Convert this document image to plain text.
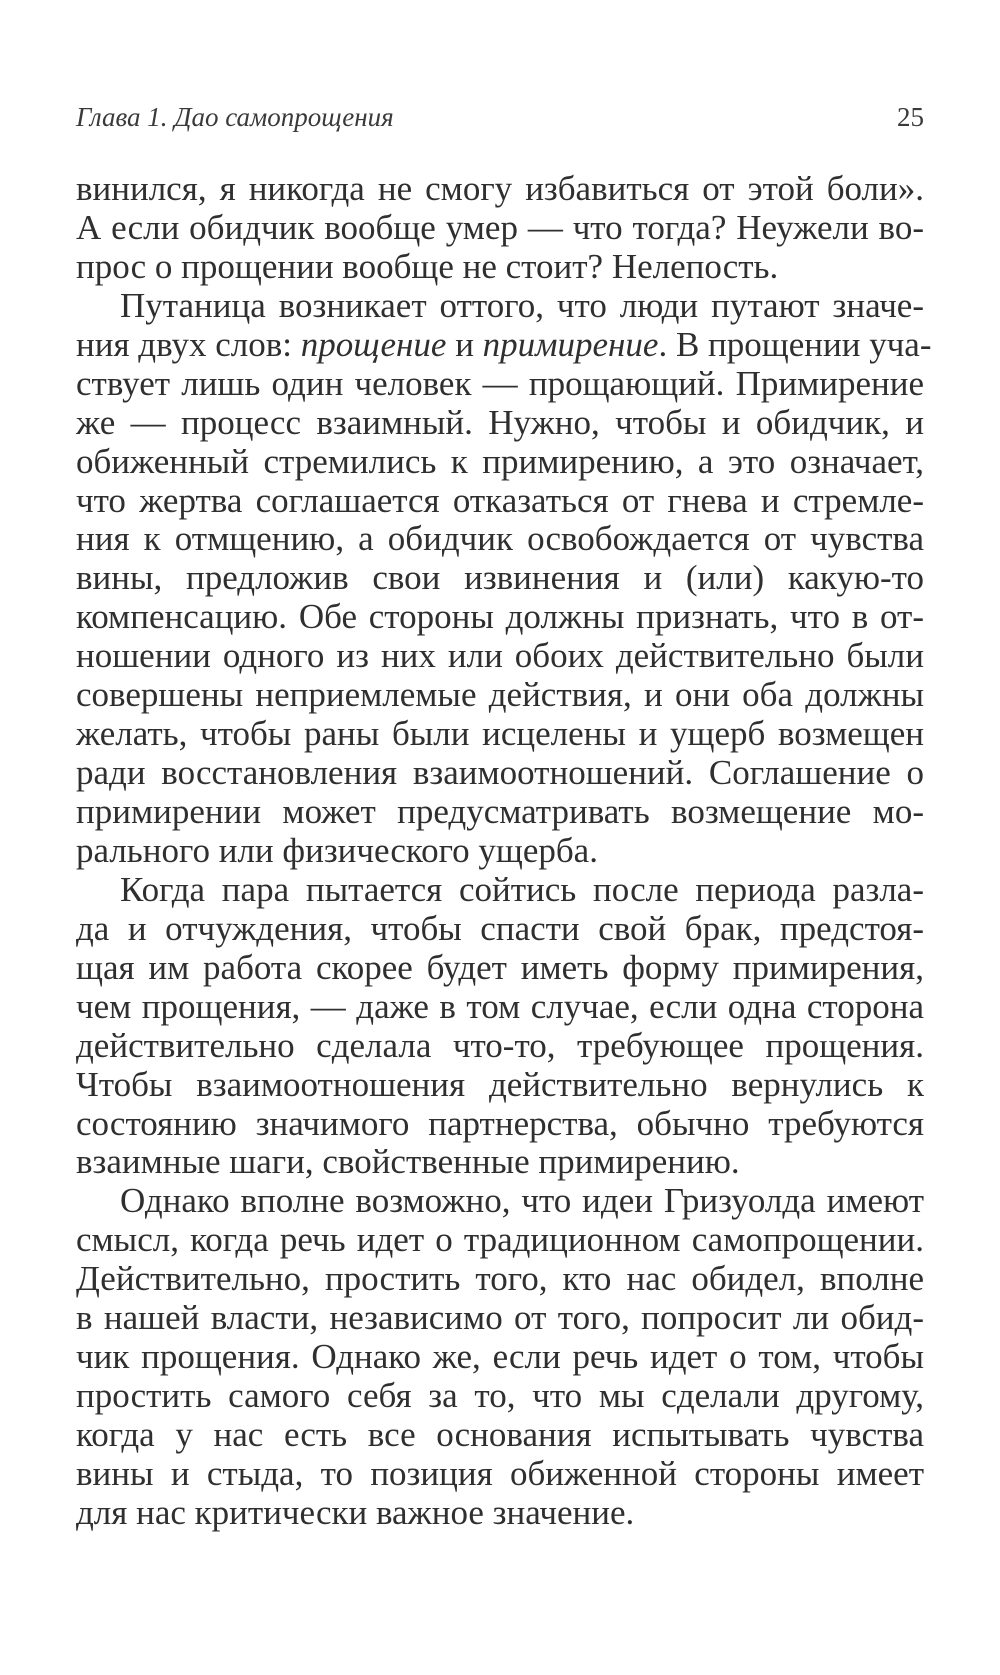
Глава 1. Дао самопрощения	25
винился, я никогда не смогу избавиться от этой боли».
А если обидчик вообще умер — что тогда? Неужели во-
прос о прощении вообще не стоит? Нелепость.
Путаница возникает оттого, что люди путают значе-
ния двух слов: прощение и примирение. В прощении уча-
ствует лишь один человек — прощающий. Примирение
же — процесс взаимный. Нужно, чтобы и обидчик, и
обиженный стремились к примирению, а это означает,
что жертва соглашается отказаться от гнева и стремле-
ния к отмщению, а обидчик освобождается от чувства
вины, предложив свои извинения и (или) какую-то
компенсацию. Обе стороны должны признать, что в от-
ношении одного из них или обоих действительно были
совершены неприемлемые действия, и они оба должны
желать, чтобы раны были исцелены и ущерб возмещен
ради восстановления взаимоотношений. Соглашение о
примирении может предусматривать возмещение мо-
рального или физического ущерба.
Когда пара пытается сойтись после периода разла-
да и отчуждения, чтобы спасти свой брак, предстоя-
щая им работа скорее будет иметь форму примирения,
чем прощения, — даже в том случае, если одна сторона
действительно сделала что-то, требующее прощения.
Чтобы взаимоотношения действительно вернулись к
состоянию значимого партнерства, обычно требуются
взаимные шаги, свойственные примирению.
Однако вполне возможно, что идеи Гризуолда имеют
смысл, когда речь идет о традиционном самопрощении.
Действительно, простить того, кто нас обидел, вполне
в нашей власти, независимо от того, попросит ли обид-
чик прощения. Однако же, если речь идет о том, чтобы
простить самого себя за то, что мы сделали другому,
когда у нас есть все основания испытывать чувства
вины и стыда, то позиция обиженной стороны имеет
для нас критически важное значение.
